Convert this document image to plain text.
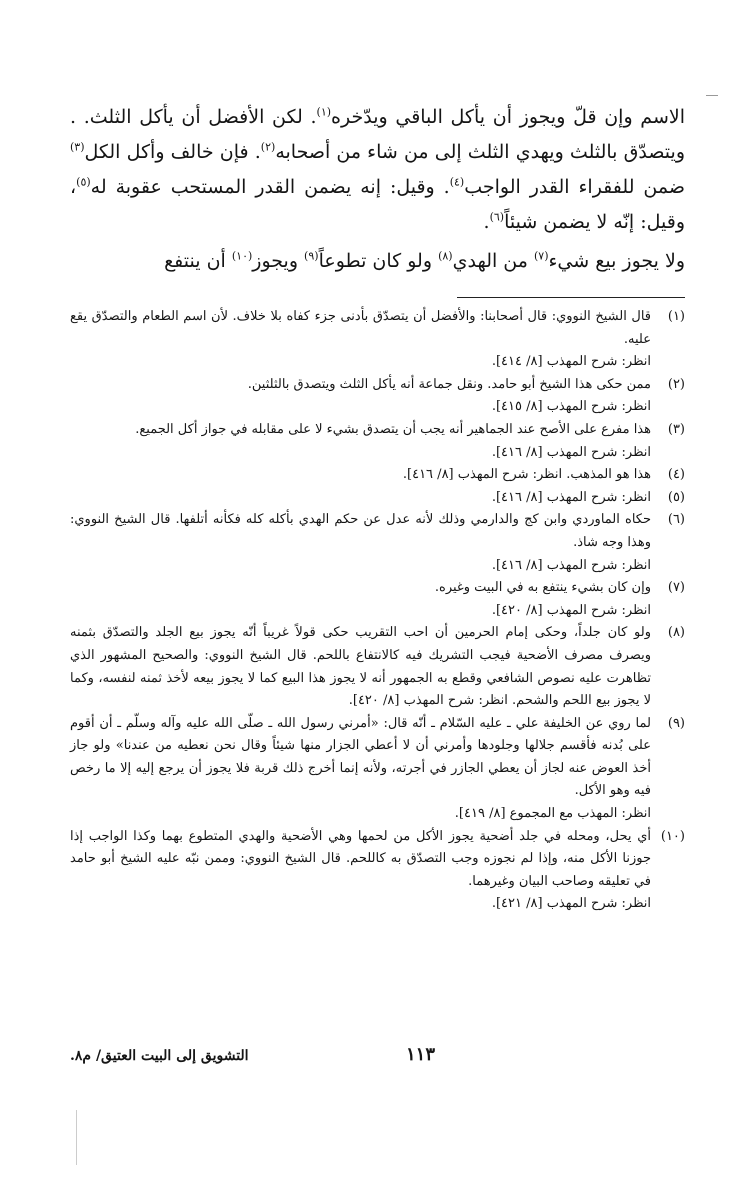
الاسم وإن قلّ ويجوز أن يأكل الباقي ويدّخره$^{(١)}$. لكن الأفضل أن يأكل الثلث. . ويتصدّق بالثلث ويهدي الثلث إلى من شاء من أصحابه$^{(٢)}$. فإن خالف وأكل الكل$^{(٣)}$ ضمن للفقراء القدر الواجب$^{(٤)}$. وقيل: إنه يضمن القدر المستحب عقوبة له$^{(٥)}$، وقيل: إنّه لا يضمن شيئاً$^{(٦)}$.

ولا يجوز بيع شيء$^{(٧)}$ من الهدي$^{(٨)}$ ولو كان تطوعاً$^{(٩)}$ ويجوز$^{(١٠)}$ أن ينتفع

(١)
قال الشيخ النووي: قال أصحابنا: والأفضل أن يتصدّق بأدنى جزء كفاه بلا خلاف. لأن اسم الطعام والتصدّق يقع عليه.
انظر: شرح المهذب [٨/ ٤١٤].
(٢)
ممن حكى هذا الشيخ أبو حامد. ونقل جماعة أنه يأكل الثلث ويتصدق بالثلثين.
انظر: شرح المهذب [٨/ ٤١٥].
(٣)
هذا مفرع على الأصح عند الجماهير أنه يجب أن يتصدق بشيء لا على مقابله في جواز أكل الجميع.
انظر: شرح المهذب [٨/ ٤١٦].
(٤)
هذا هو المذهب. انظر: شرح المهذب [٨/ ٤١٦].
(٥)
انظر: شرح المهذب [٨/ ٤١٦].
(٦)
حكاه الماوردي وابن كج والدارمي وذلك لأنه عدل عن حكم الهدي بأكله كله فكأنه أتلفها. قال الشيخ النووي: وهذا وجه شاذ.
انظر: شرح المهذب [٨/ ٤١٦].
(٧)
وإن كان بشيء ينتفع به في البيت وغيره.
انظر: شرح المهذب [٨/ ٤٢٠].
(٨)
ولو كان جلداً، وحكى إمام الحرمين أن احب التقريب حكى قولاً غريباً أنّه يجوز بيع الجلد والتصدّق بثمنه ويصرف مصرف الأضحية فيجب التشريك فيه كالانتفاع باللحم. قال الشيخ النووي: والصحيح المشهور الذي تظاهرت عليه نصوص الشافعي وقطع به الجمهور أنه لا يجوز هذا البيع كما لا يجوز بيعه لأخذ ثمنه لنفسه، وكما لا يجوز بيع اللحم والشحم. انظر: شرح المهذب [٨/ ٤٢٠].
(٩)
لما روي عن الخليفة علي ـ عليه السّلام ـ أنّه قال: «أمرني رسول الله ـ صلّى الله عليه وآله وسلّم ـ أن أقوم على بُدنه فأقسم جلالها وجلودها وأمرني أن لا أعطي الجزار منها شيئاً وقال نحن نعطيه من عندنا» ولو جاز أخذ العوض عنه لجاز أن يعطي الجازر في أجرته، ولأنه إنما أخرج ذلك قربة فلا يجوز أن يرجع إليه إلا ما رخص فيه وهو الأكل.
انظر: المهذب مع المجموع [٨/ ٤١٩].
(١٠)
أي يحل، ومحله في جلد أضحية يجوز الأكل من لحمها وهي الأضحية والهدي المتطوع بهما وكذا الواجب إذا جوزنا الأكل منه، وإذا لم نجوزه وجب التصدّق به كاللحم. قال الشيخ النووي: وممن نبّه عليه الشيخ أبو حامد في تعليقه وصاحب البيان وغيرهما.
انظر: شرح المهذب [٨/ ٤٢١].
١١٣
التشويق إلى البيت العتيق/ م٨.
